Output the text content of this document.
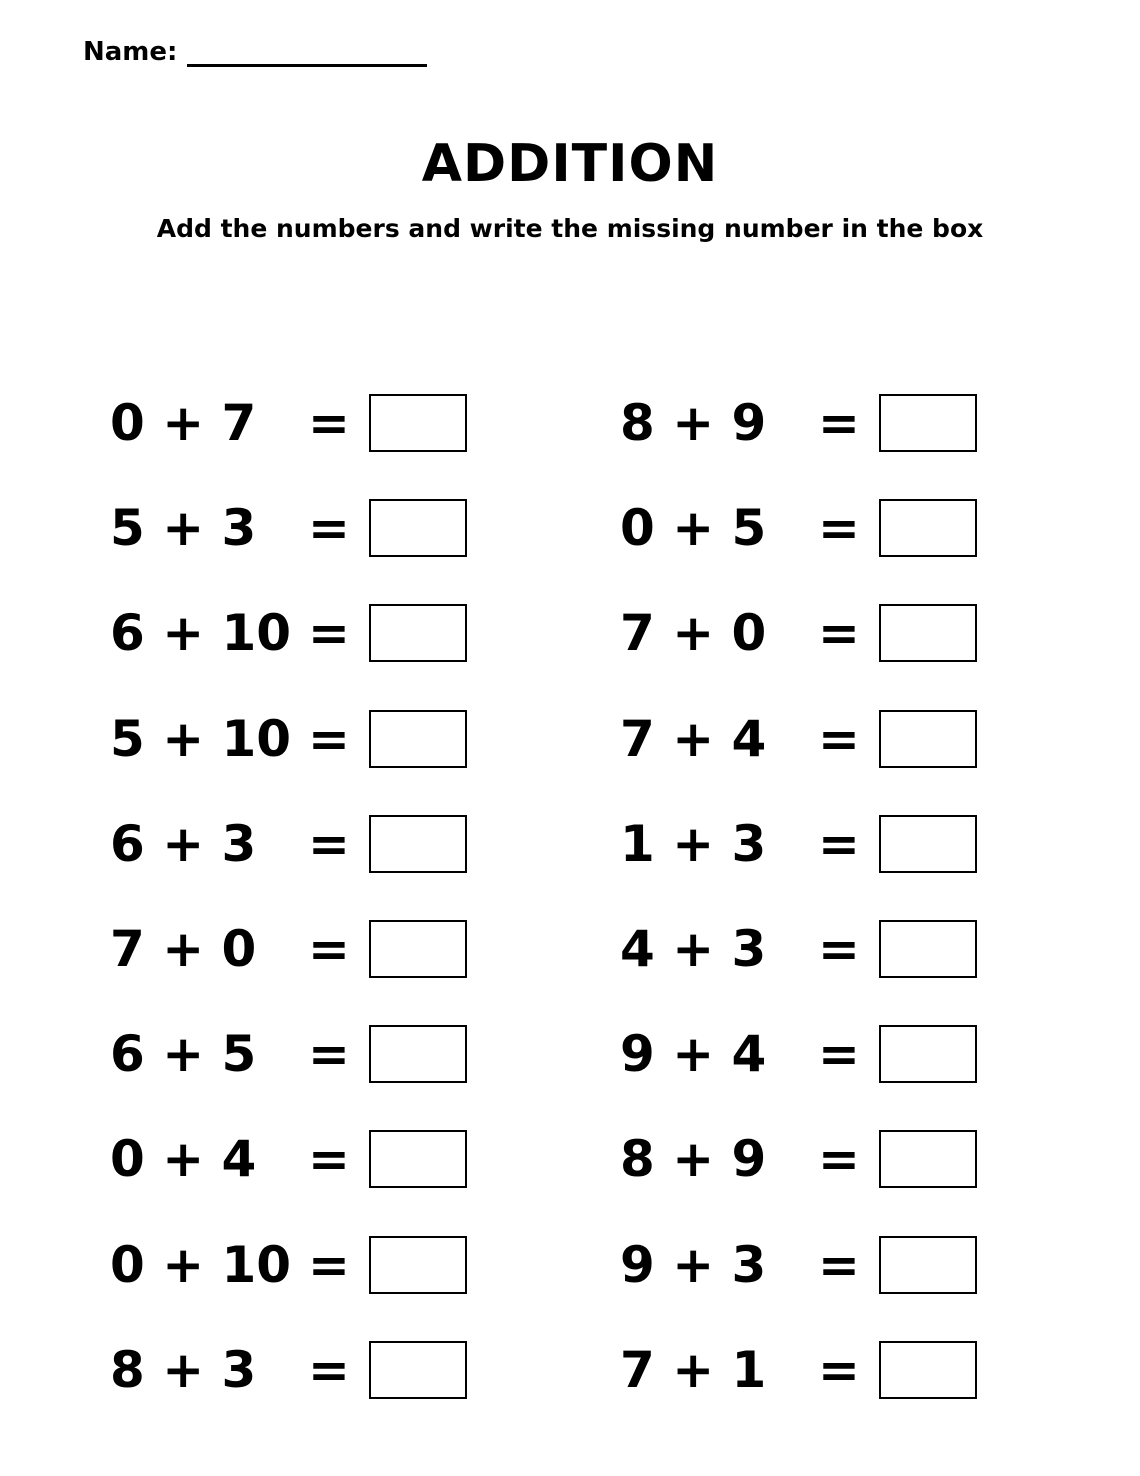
Name:
ADDITION
Add the numbers and write the missing number in the box
0 + 7 =
5 + 3 =
6 + 10 =
5 + 10 =
6 + 3 =
7 + 0 =
6 + 5 =
0 + 4 =
0 + 10 =
8 + 3 =
8 + 9 =
0 + 5 =
7 + 0 =
7 + 4 =
1 + 3 =
4 + 3 =
9 + 4 =
8 + 9 =
9 + 3 =
7 + 1 =
